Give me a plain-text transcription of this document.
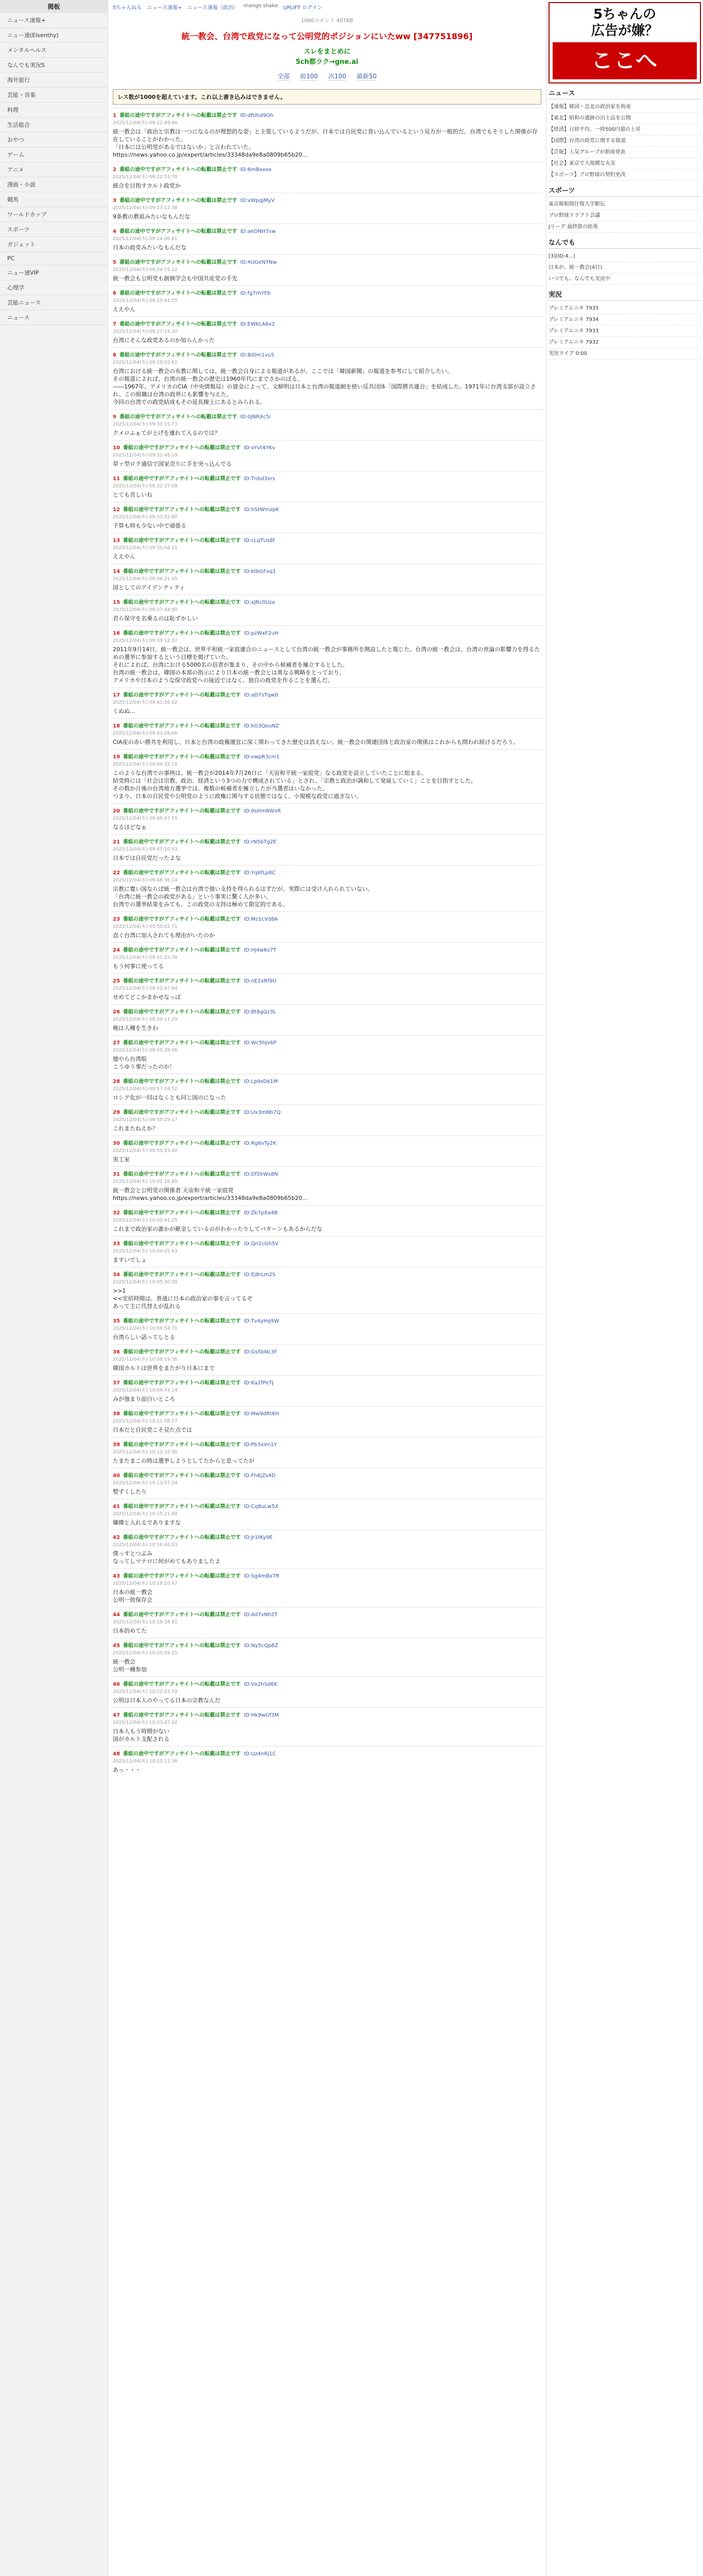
掲板
ニュース速報+
ニュー速(Elsenthy)
メンタルヘルス
なんでも実況S
海外旅行
芸能・音楽
料理
生活総合
おやつ
ゲーム
アニメ
漫画・小説
競馬
ワールドカップ
スポーツ
ガジェット
PC
ニュー速VIP
心理学
芸能ニュース
ニュース
5ちゃんねる ニュース速報+ ニュース速報（政治） mango shake UPLIFT ログイン
1000コメント 407KB
統一教会、台湾で政党になって公明党的ポジションにいたww [347751896]
スレをまとめに
5ch都ラク→gne.ai
全部 前100 次100 最新50
レス数が1000を超えています。これ以上書き込みはできません。
1 番組の途中ですがアフィサイトへの転載は禁止です ID:dfUhd9Oh
2025/12/04(木) 09:21:49.46
統一教会は「政治と宗教は一つになるのが理想的な姿」と主張しているようだが、日本では自民党に食い込んでいるという見方が一般的だ。台湾でもそうした関係が存在していることがわかった。
「日本には公明党があるではないか」と言われていた。
https://news.yahoo.co.jp/expert/articles/33348da9e8a0809b65b20...
2 番組の途中ですがアフィサイトへの転載は禁止です ID:6mBxxxx
2025/12/04(木) 09:22:53.78
統合を目指すカルト政党か
3 番組の途中ですがアフィサイトへの転載は禁止です ID:vWpqjMyV
2025/12/04(木) 09:23:12.38
9条教の教祖みたいなもんだな
4 番組の途中ですがアフィサイトへの転載は禁止です ID:aeONH7sw
2025/12/04(木) 09:24:06.81
日本の政党みたいなもんだな
5 番組の途中ですがアフィサイトへの転載は禁止です ID:4UGeN7Nw
2025/12/04(木) 09:24:55.12
統一教会も公明党も創価学会も中国共産党の手先
6 番組の途中ですがアフィサイトへの転載は禁止です ID:fg7rhYFb
2025/12/04(木) 09:25:41.55
ええやん
7 番組の途中ですがアフィサイトへの転載は禁止です ID:EWkLA6x2
2025/12/04(木) 09:27:19.20
台湾にそんな政党あるのか知らんかった
8 番組の途中ですがアフィサイトへの転載は禁止です ID:BiDm1vu5
2025/12/04(木) 09:28:02.61
台湾における統一教会の布教に関しては、統一教会自身による報道があるが、ここでは「韓国新聞」の報道を参考にして紹介したい。
その報道によれば、台湾の統一教会の歴史は1960年代にまでさかのぼる。
――1967年、アメリカのCIA（中央情報局）の資金によって、文鮮明は日本と台湾の報道網を使い反共団体「国際勝共連合」を結成した。1971年に台湾支部が設立され、この組織は台湾の政界にも影響を与えた。
今回の台湾での政党結成もその延長線上にあるとみられる。
9 番組の途中ですがアフィサイトへの転載は禁止です ID:0jNRXc5i
2025/12/04(木) 09:30:15.73
クメロふぁてが上げを連れて入るのでは？
10 番組の途中ですがアフィサイトへの転載は禁止です ID:vYvt4YKv
2025/12/04(木) 09:31:46.19
草ァ型ロク通信で国家売りに手を突っ込んでる
11 番組の途中ですがアフィサイトへの転載は禁止です ID:Tnbd3xrs
2025/12/04(木) 09:32:37.09
とても苦しいね
12 番組の途中ですがアフィサイトへの転載は禁止です ID:hStWmzpK
2025/12/04(木) 09:33:52.80
予算も時も少ない中で頑張る
13 番組の途中ですがアフィサイトへの転載は禁止です ID:cLqTUs8f
2025/12/04(木) 09:35:04.11
ええやん
14 番組の途中ですがアフィサイトへの転載は禁止です ID:ktbGFxq1
2025/12/04(木) 09:36:21.45
国としてのアイデンティティ
15 番組の途中ですがアフィサイトへの転載は禁止です ID:xJRc0Uza
2025/12/04(木) 09:37:44.90
君ら保守を名乗るのは恥ずかしい
16 番組の途中ですがアフィサイトへの転載は禁止です ID:pzWxF2uH
2025/12/04(木) 09:39:12.37
2011年9月14日、統一教会は、世界平和統一家庭連合のニュースとして台湾の統一教会が事務所を開設したと報じた。台湾の統一教会は、台湾の世論の影響力を得るための選挙に参加するという目標を掲げていた。
それによれば、台湾における5000名の信者が集まり、その中から候補者を擁立するとした。
台湾の統一教会は、韓国の本部の指示により日本の統一教会とは異なる戦略をとっており、
アメリカや日本のような保守政党への接近ではなく、独自の政党を作ることを選んだ。
17 番組の途中ですがアフィサイトへの転載は禁止です ID:aD7sTqw0
2025/12/04(木) 09:41:56.02
くぬぬ…
18 番組の途中ですがアフィサイトへの転載は禁止です ID:kG3QeuNZ
2025/12/04(木) 09:43:08.66
CIA産の赤い勝共を利用し、日本と台湾の政権運営に深く関わってきた歴史は消えない。統一教会の関連団体と政治家の関係はこれからも問われ続けるだろう。
19 番組の途中ですがアフィサイトへの転載は禁止です ID:vwpR3cm1
2025/12/04(木) 09:44:32.18
このような台湾での事例は、統一教会が2014年7月26日に「天宙和平統一家庭党」なる政党を設立していたことに始まる。
結党時には「社会は宗教、政治、経済という3つの力で構成されている」とされ、「宗教と政治が調和して発展していく」ことを目指すとした。
その数か月後の台湾地方選挙では、複数の候補者を擁立したが当選者はいなかった。
つまり、日本の自民党や公明党のように政権に関与する状態ではなく、小規模な政党に過ぎない。
20 番組の途中ですがアフィサイトへの転載は禁止です ID:0sHm8WxR
2025/12/04(木) 09:45:47.55
なるほどなぁ
21 番組の途中ですがアフィサイトへの転載は禁止です ID:rN5bTg2E
2025/12/04(木) 09:47:10.93
日本では自民党だったよな
22 番組の途中ですがアフィサイトへの転載は禁止です ID:Yq6fLp0C
2025/12/04(木) 09:48:36.14
宗教に寛い国ならば統一教会は台湾で強い支持を得られるはずだが、実際には受け入れられていない。
「台湾に統一教会の政党がある」という事実に驚く人が多い。
台湾での選挙結果をみても、この政党の支持は極めて限定的である。
23 番組の途中ですがアフィサイトへの転載は禁止です ID:Mz1cVd8A
2025/12/04(木) 09:50:02.71
直ぐ台湾に加入されても理由がいたのか
24 番組の途中ですがアフィサイトへの転載は禁止です ID:Hj4wKs7T
2025/12/04(木) 09:51:25.38
もう何事に使ってる
25 番組の途中ですがアフィサイトへの転載は禁止です ID:nE2xRf9U
2025/12/04(木) 09:52:47.84
せめてどこかまかせなっぽ
26 番組の途中ですがアフィサイトへの転載は禁止です ID:Bt8gQz3L
2025/12/04(木) 09:54:11.29
晩は人種を生きわ
27 番組の途中ですがアフィサイトへの転載は禁止です ID:Wc5hJv6P
2025/12/04(木) 09:55:38.06
憶やら台湾版
こうゆう事だったのか！
28 番組の途中ですがアフィサイトへの転載は禁止です ID:Lp9sDk1M
2025/12/04(木) 09:57:04.52
ロシア化が一回はなくとも同じ国のになった
29 番組の途中ですがアフィサイトへの転載は禁止です ID:Ux3mNb7Q
2025/12/04(木) 09:58:29.17
これまたねえか？
30 番組の途中ですがアフィサイトへの転載は禁止です ID:Rg6vTy2K
2025/12/04(木) 09:59:53.40
害工室
31 番組の途中ですがアフィサイトへの転載は禁止です ID:Df2kWs8N
2025/12/04(木) 10:01:16.88
統一教会と公明党の関係者 天宙和平統一家庭党
https://news.yahoo.co.jp/expert/articles/33348da9e8a0809b65b20...
32 番組の途中ですがアフィサイトへの転載は禁止です ID:Zk7pXa4B
2025/12/04(木) 10:02:41.25
これまで政治家の誰かが献金しているのがわかったりしてパターンもあるからだな
33 番組の途中ですがアフィサイトへの転載は禁止です ID:Qn1cGh5V
2025/12/04(木) 10:04:05.63
ますいでしょ
34 番組の途中ですがアフィサイトへの転載は禁止です ID:Ej8rLm2S
2025/12/04(木) 10:05:30.09
>>1
<<安倍時間は、普通に日本の政治家の事を言ってるぞ
あって主に代替えが乱れる
35 番組の途中ですがアフィサイトへの転載は禁止です ID:Tv4yHq9W
2025/12/04(木) 10:06:54.71
台湾らしい話ってしとる
36 番組の途中ですがアフィサイトへの転載は禁止です ID:Gs5bNc3F
2025/12/04(木) 10:08:19.36
韓国カルトは世界をまたがり日本にまで
37 番組の途中ですがアフィサイトへの転載は禁止です ID:Ka2fPe7J
2025/12/04(木) 10:09:43.14
みが強まり面白いところ
38 番組の途中ですがアフィサイトへの転載は禁止です ID:Mw9dRt6H
2025/12/04(木) 10:11:08.57
日本だと自民党こそ見た点では
39 番組の途中ですがアフィサイトへの転載は禁止です ID:Pb3xVn1Y
2025/12/04(木) 10:12:32.90
たまたまこの時は選挙しようとしてたからと思ってたが
40 番組の途中ですがアフィサイトへの転載は禁止です ID:Fh6jZs4D
2025/12/04(木) 10:13:57.24
整ずくしたり
41 番組の途中ですがアフィサイトへの転載は禁止です ID:Cq8uLw5X
2025/12/04(木) 10:15:21.68
嫌韓と入れるでありますな
42 番組の途中ですがアフィサイトへの転載は禁止です ID:Jr1tKy9E
2025/12/04(木) 10:16:46.03
僕っすとつぶみ
なってしマナロに何がめてもありましたよ
43 番組の途中ですがアフィサイトへの転載は禁止です ID:Sg4mBx7R
2025/12/04(木) 10:18:10.47
日本の統一教会
公明一致保存会
44 番組の途中ですがアフィサイトへの転載は禁止です ID:Ad7vNh2T
2025/12/04(木) 10:19:34.81
日本的めてた
45 番組の途中ですがアフィサイトへの転載は禁止です ID:Ny5cQp8Z
2025/12/04(木) 10:20:59.15
統一教会
公明一種参加
46 番組の途中ですがアフィサイトへの転載は禁止です ID:Vx2hSd6K
2025/12/04(木) 10:22:23.59
公明は日本人のやってる日本の宗教なんだ
47 番組の途中ですがアフィサイトへの転載は禁止です ID:Hk9wGf3M
2025/12/04(木) 10:23:47.92
日本人もう時間がない
国がカルト支配される
48 番組の途中ですがアフィサイトへの転載は禁止です ID:Uz4nRj1C
2025/12/04(木) 10:25:12.36
あっ・・・
5ちゃんの
広告が嫌？
ここへ
ニュース
【速報】韓国・忠北の政治家を拘束
【東北】昭和の遺跡の出土品を公開
【経済】日経平均、一時500円超の上昇
【国際】台湾の政党に関する報道
【芸能】人気グループが新曲発表
【社会】東京で大規模な火災
【スポーツ】プロ野球の契約更改
スポーツ
東京箱根間往復大学駅伝
プロ野球ドラフト会議
Jリーグ 最終節の結果
なんでも
[3](ID:4...)
日本が、統一教会(4日)
いつでも、なんでも実況中
実況
プレミアムニキ 7935
プレミアムニキ 7934
プレミアムニキ 7933
プレミアムニキ 7932
実況ライブ 0:00
